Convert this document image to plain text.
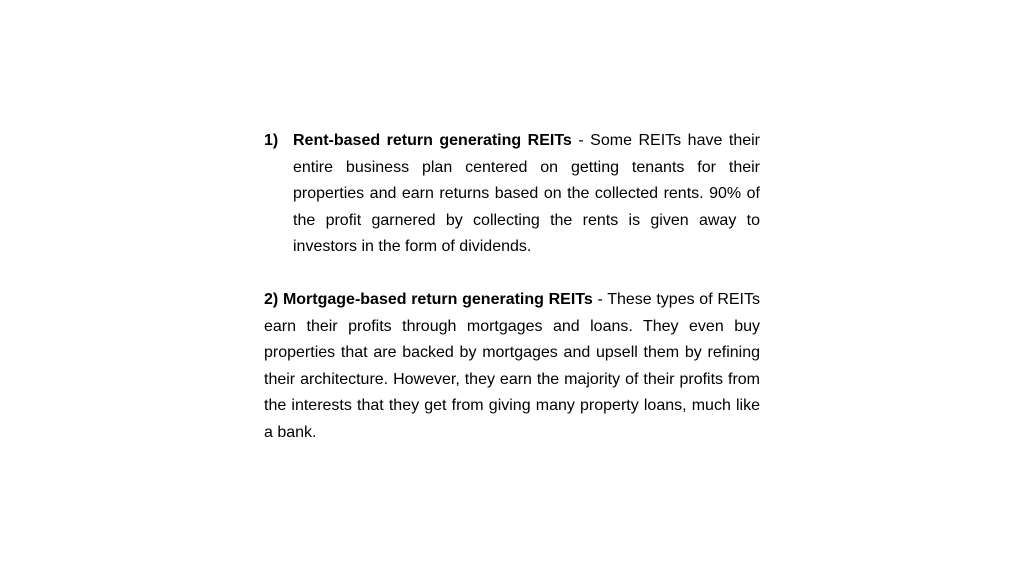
1) Rent-based return generating REITs - Some REITs have their entire business plan centered on getting tenants for their properties and earn returns based on the collected rents. 90% of the profit garnered by collecting the rents is given away to investors in the form of dividends.

2) Mortgage-based return generating REITs - These types of REITs earn their profits through mortgages and loans. They even buy properties that are backed by mortgages and upsell them by refining their architecture. However, they earn the majority of their profits from the interests that they get from giving many property loans, much like a bank.
